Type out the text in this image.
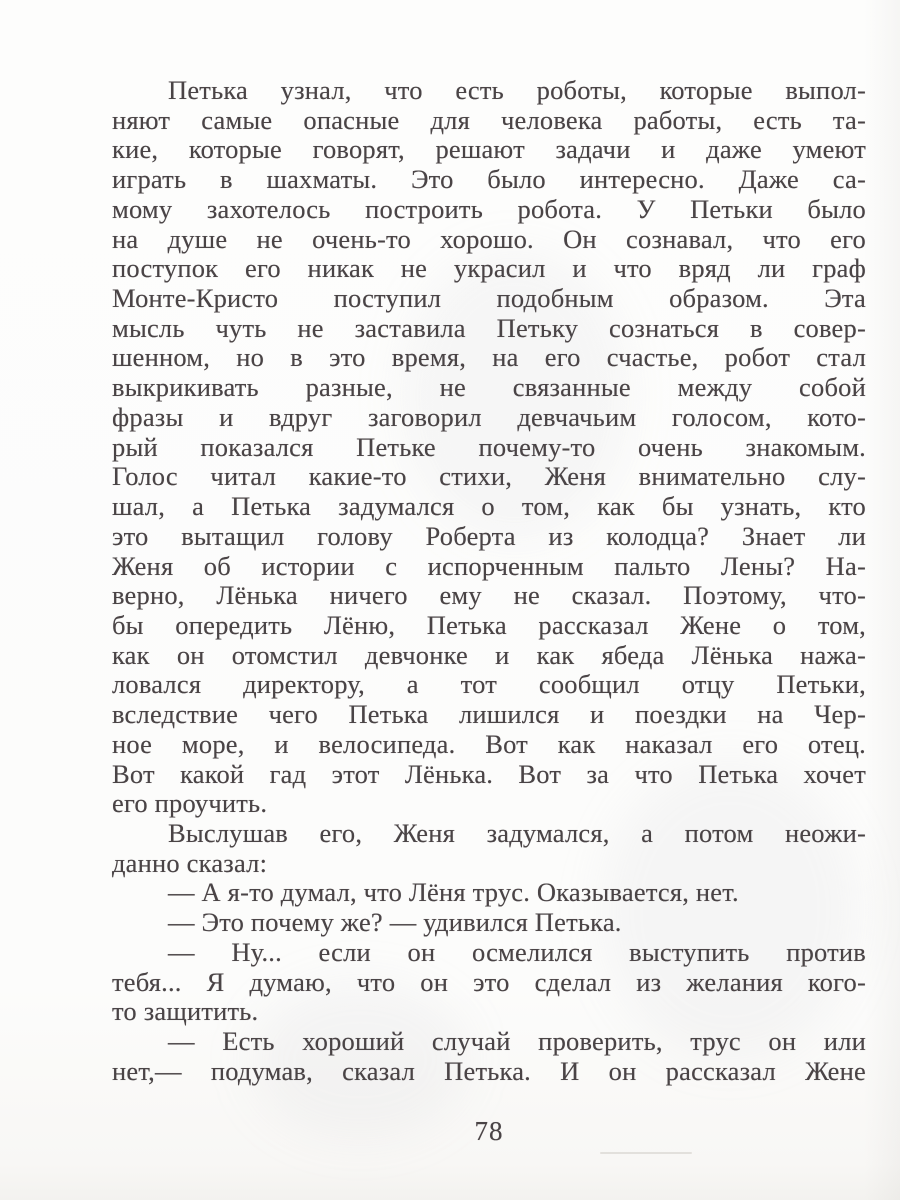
Петька узнал, что есть роботы, которые выпол-
няют самые опасные для человека работы, есть та-
кие, которые говорят, решают задачи и даже умеют
играть в шахматы. Это было интересно. Даже са-
мому захотелось построить робота. У Петьки было
на душе не очень-то хорошо. Он сознавал, что его
поступок его никак не украсил и что вряд ли граф
Монте-Кристо поступил подобным образом. Эта
мысль чуть не заставила Петьку сознаться в совер-
шенном, но в это время, на его счастье, робот стал
выкрикивать разные, не связанные между собой
фразы и вдруг заговорил девчачьим голосом, кото-
рый показался Петьке почему-то очень знакомым.
Голос читал какие-то стихи, Женя внимательно слу-
шал, а Петька задумался о том, как бы узнать, кто
это вытащил голову Роберта из колодца? Знает ли
Женя об истории с испорченным пальто Лены? На-
верно, Лёнька ничего ему не сказал. Поэтому, что-
бы опередить Лёню, Петька рассказал Жене о том,
как он отомстил девчонке и как ябеда Лёнька нажа-
ловался директору, а тот сообщил отцу Петьки,
вследствие чего Петька лишился и поездки на Чер-
ное море, и велосипеда. Вот как наказал его отец.
Вот какой гад этот Лёнька. Вот за что Петька хочет
его проучить.
Выслушав его, Женя задумался, а потом неожи-
данно сказал:
— А я-то думал, что Лёня трус. Оказывается, нет.
— Это почему же? — удивился Петька.
— Ну... если он осмелился выступить против
тебя... Я думаю, что он это сделал из желания кого-
то защитить.
— Есть хороший случай проверить, трус он или
нет,— подумав, сказал Петька. И он рассказал Жене
78
